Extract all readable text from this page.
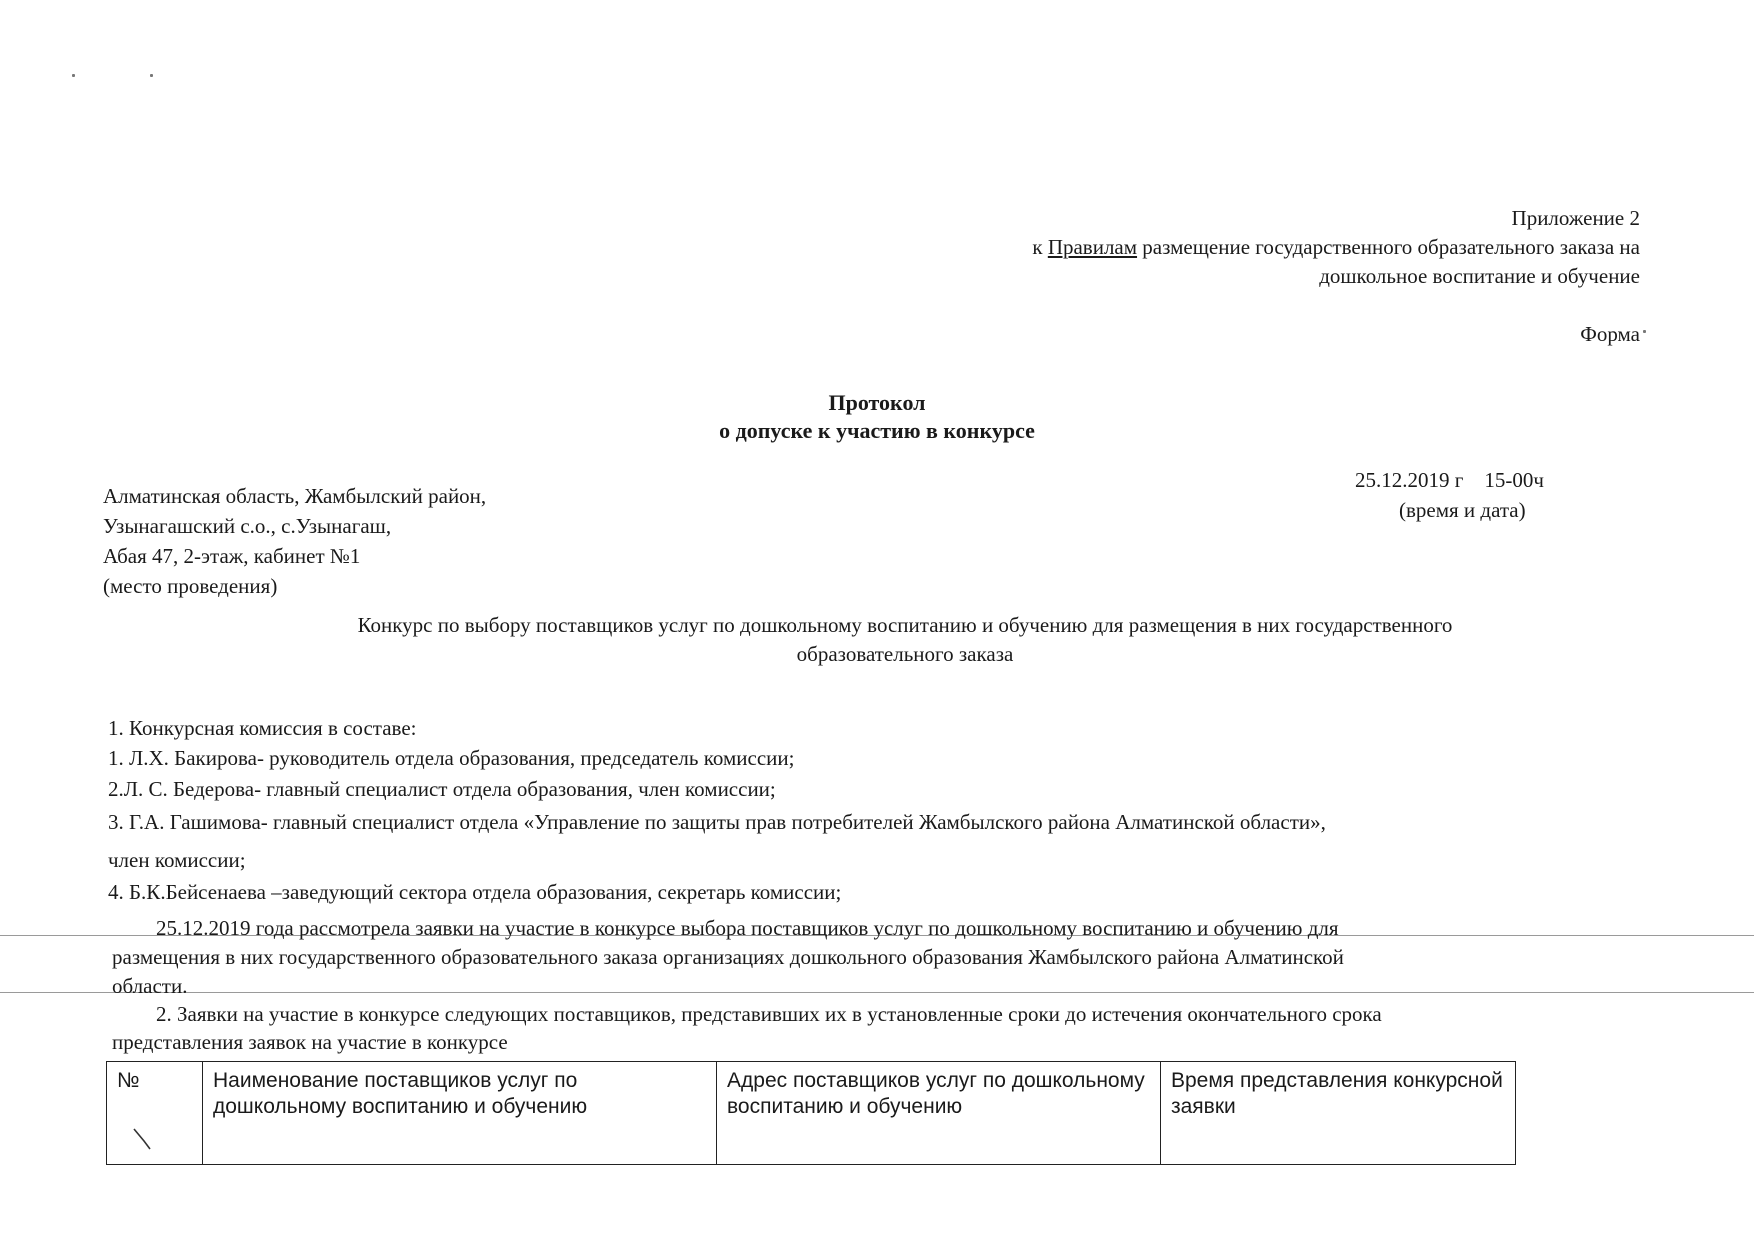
Приложение 2
к Правилам размещение государственного образательного заказа на
дошкольное воспитание и обучение
Форма
Протокол
о допуске к участию в конкурсе
25.12.2019 г    15-00ч
(время и дата)
Алматинская область, Жамбылский район,
Узынагашский с.о., с.Узынагаш,
Абая 47, 2-этаж, кабинет №1
(место проведения)
Конкурс по выбору поставщиков услуг по дошкольному воспитанию и обучению для размещения в них государственного
образовательного заказа
1. Конкурсная комиссия в составе:
1. Л.Х. Бакирова- руководитель отдела образования, председатель комиссии;
2.Л. С. Бедерова- главный специалист отдела образования, член комиссии;
3. Г.А. Гашимова- главный специалист отдела «Управление по защиты прав потребителей Жамбылского района Алматинской области»,
член комиссии;
4. Б.К.Бейсенаева –заведующий сектора отдела образования, секретарь комиссии;
25.12.2019 года рассмотрела заявки на участие в конкурсе выбора поставщиков услуг по дошкольному воспитанию и обучению для
размещения в них государственного образовательного заказа организациях дошкольного образования Жамбылского района Алматинской
области.
2. Заявки на участие в конкурсе следующих поставщиков, представивших их в установленные сроки до истечения окончательного срока
представления заявок на участие в конкурсе
№	Наименование поставщиков услуг по дошкольному воспитанию и обучению	Адрес поставщиков услуг по дошкольному воспитанию и обучению	Время представления конкурсной заявки
